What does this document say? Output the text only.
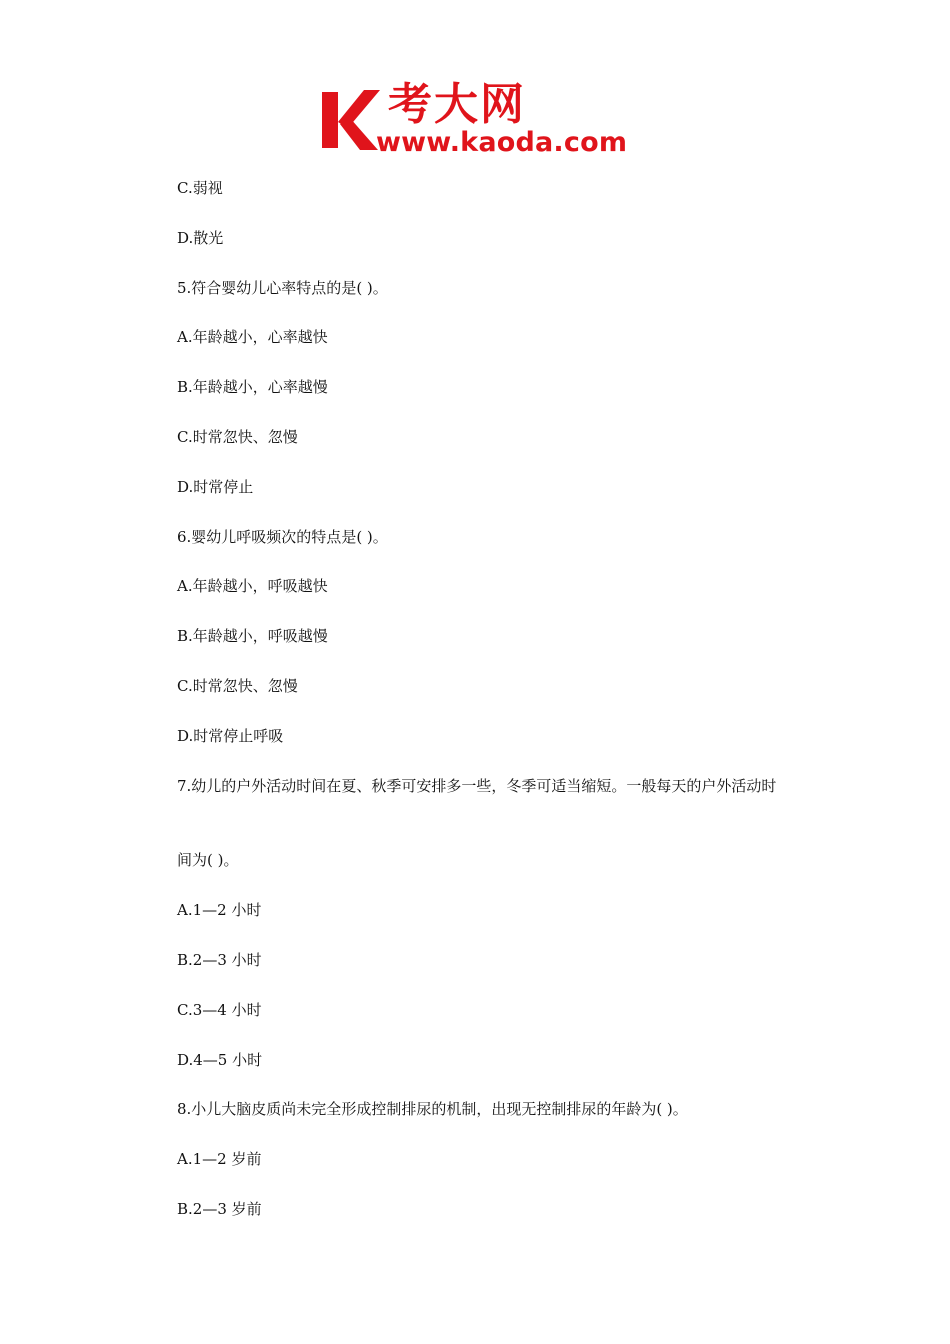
考大网
www.kaoda.com
C.弱视
D.散光
5.符合婴幼儿心率特点的是( )。
A.年龄越小，心率越快
B.年龄越小，心率越慢
C.时常忽快、忽慢
D.时常停止
6.婴幼儿呼吸频次的特点是( )。
A.年龄越小，呼吸越快
B.年龄越小，呼吸越慢
C.时常忽快、忽慢
D.时常停止呼吸
7.幼儿的户外活动时间在夏、秋季可安排多一些，冬季可适当缩短。一般每天的户外活动时
间为( )。
A.1—2 小时
B.2—3 小时
C.3—4 小时
D.4—5 小时
8.小儿大脑皮质尚未完全形成控制排尿的机制，出现无控制排尿的年龄为( )。
A.1—2 岁前
B.2—3 岁前
